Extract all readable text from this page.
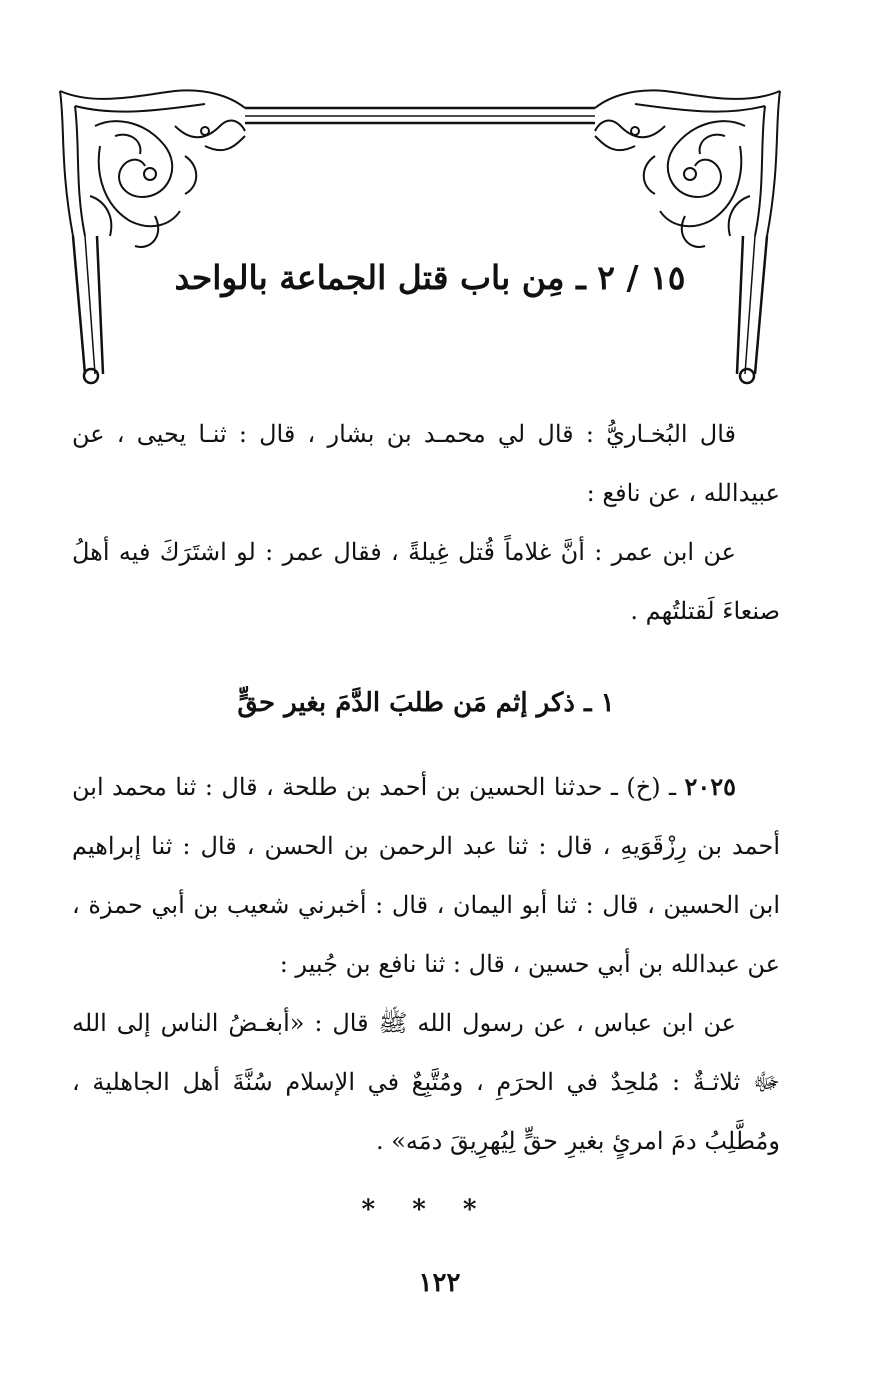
١٥ / ٢ ـ مِن باب قتل الجماعة بالواحد

قال البُخـاريُّ : قال لي محمـد بن بشار ، قال : ثنـا يحيى ، عن عبيدالله ، عن نافع :

عن ابن عمر : أنَّ غلاماً قُتل غِيلةً ، فقال عمر : لو اشتَرَكَ فيه أهلُ صنعاءَ لَقتلتُهم .

١ ـ ذكر إثم مَن طلبَ الدَّمَ بغير حقٍّ

٢٠٢٥ ـ (خ) ـ حدثنا الحسين بن أحمد بن طلحة ، قال : ثنا محمد ابن أحمد بن رِزْقَوَيهِ ، قال : ثنا عبد الرحمن بن الحسن ، قال : ثنا إبراهيم ابن الحسين ، قال : ثنا أبو اليمان ، قال : أخبرني شعيب بن أبي حمزة ، عن عبدالله بن أبي حسين ، قال : ثنا نافع بن جُبير :

عن ابن عباس ، عن رسول الله ﷺ قال : «أبغـضُ الناس إلى الله ﷻ ثلاثـةٌ : مُلحِدٌ في الحرَمِ ، ومُتَّبِعٌ في الإسلام سُنَّةَ أهل الجاهلية ، ومُطَّلِبُ دمَ امرئٍ بغيرِ حقٍّ لِيُهرِيقَ دمَه» .

* * *
١٢٢
